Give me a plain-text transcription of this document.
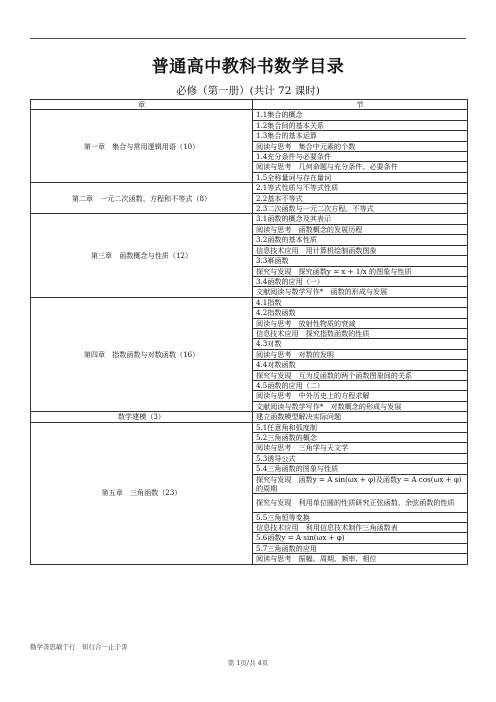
普通高中教科书数学目录
必修（第一册）(共计 72 课时)
章	节
第一章　集合与常用逻辑用语（10）	1.1集合的概念
	1.2集合间的基本关系
	1.3集合的基本运算
	阅读与思考　集合中元素的个数
	1.4充分条件与必要条件
	阅读与思考　几何命题与充分条件、必要条件
	1.5全称量词与存在量词
第二章　一元二次函数、方程和不等式（8）	2.1等式性质与不等式性质
	2.2基本不等式
	2.3二次函数与一元二次方程、不等式
第三章　函数概念与性质（12）	3.1函数的概念及其表示
	阅读与思考　函数概念的发展历程
	3.2函数的基本性质
	信息技术应用　用计算机绘制函数图象
	3.3幂函数
	探究与发现　探究函数y = x + 1/x 的图象与性质
	3.4函数的应用（一）
	文献阅读与数学写作*　函数的形成与发展
第四章　指数函数与对数函数（16）	4.1指数
	4.2指数函数
	阅读与思考　放射性物质的衰减
	信息技术应用　探究指数函数的性质
	4.3对数
	阅读与思考　对数的发明
	4.4对数函数
	探究与发现　互为反函数的两个函数图象间的关系
	4.5函数的应用（二）
	阅读与思考　中外历史上的方程求解
	文献阅读与数学写作*　对数概念的形成与发展
数学建模（3）	建立函数模型解决实际问题
第五章　三角函数（23）	5.1任意角和弧度制
	5.2三角函数的概念
	阅读与思考　三角学与天文学
	5.3诱导公式
	5.4三角函数的图象与性质
	探究与发现　函数y = A sin(ωx + φ)及函数y = A cos(ωx + φ)的周期
	探究与发现　利用单位圆的性质研究正弦函数、余弦函数的性质
	5.5三角恒等变换
	信息技术应用　利用信息技术制作三角函数表
	5.6函数y = A sin(ωx + φ)
	5.7三角函数的应用
	阅读与思考　振幅、周期、频率、相位
勤学善思敏于行　知行合一止于善
第 1页/共 4页
